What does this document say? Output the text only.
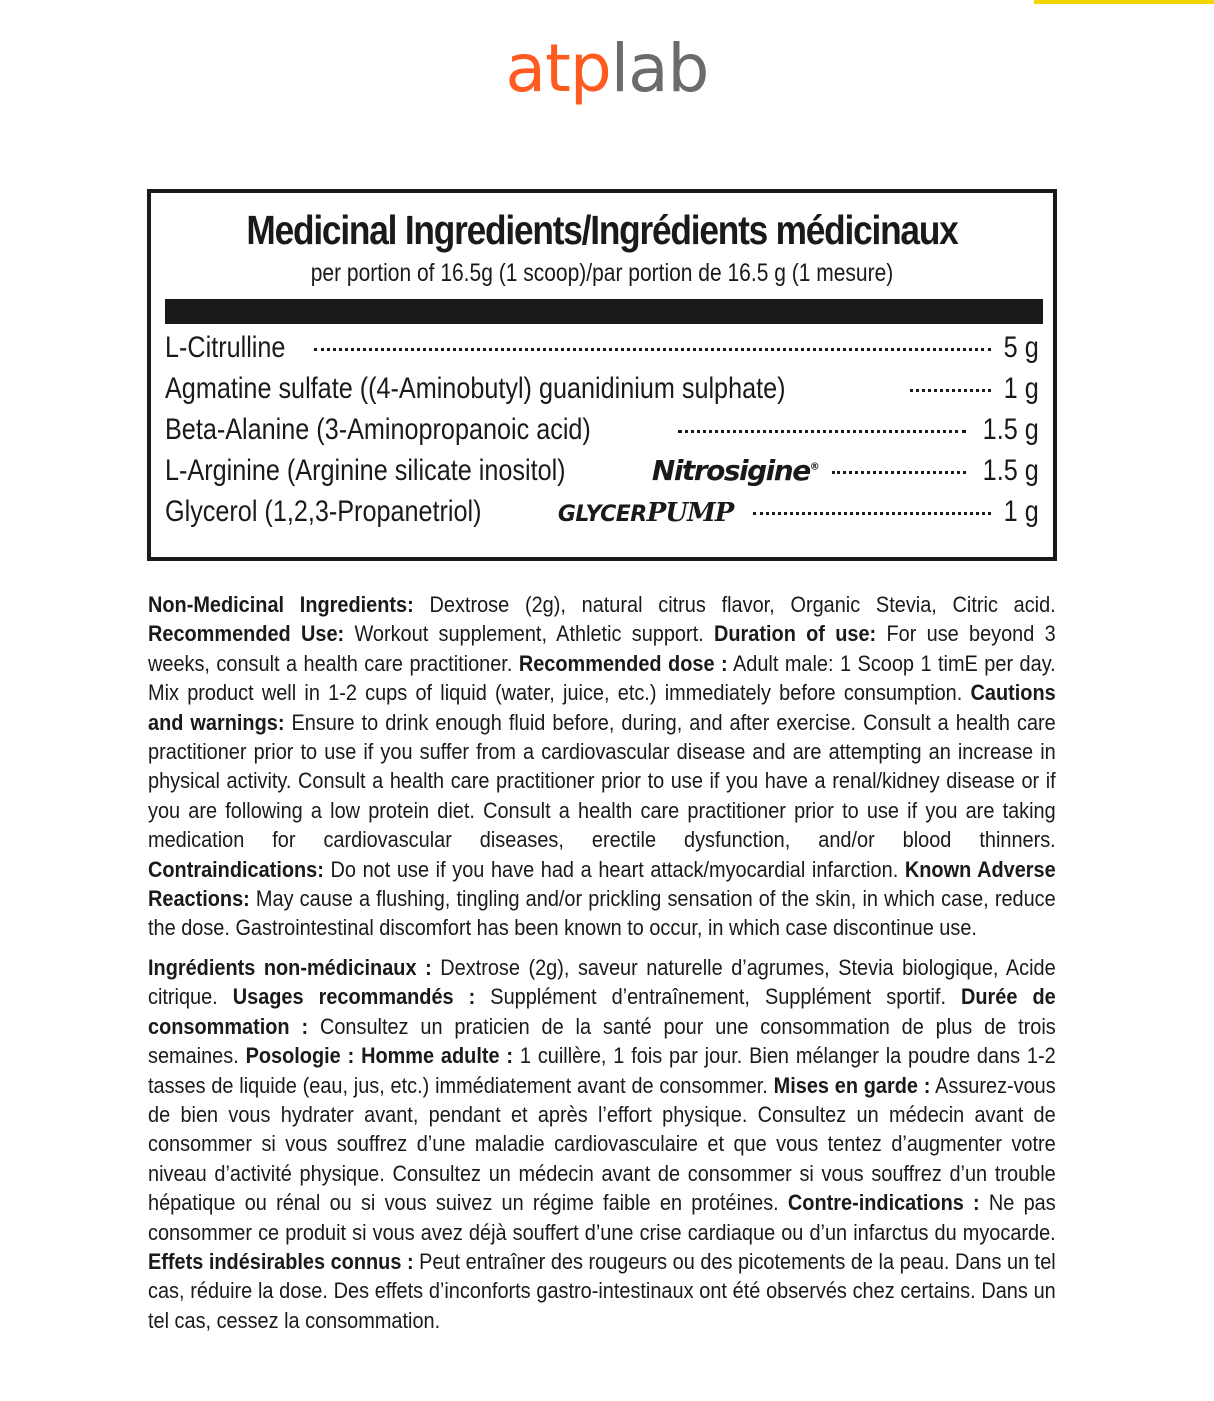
atplab
Medicinal Ingredients/Ingrédients médicinaux
per portion of 16.5g (1 scoop)/par portion de 16.5 g (1 mesure)
L-Citrulline	5 g
Agmatine sulfate ((4-Aminobutyl) guanidinium sulphate)	1 g
Beta-Alanine (3-Aminopropanoic acid)	1.5 g
L-Arginine (Arginine silicate inositol)	Nitrosigine®	1.5 g
Glycerol (1,2,3-Propanetriol)	GLYCERPUMP	1 g
Non-Medicinal Ingredients: Dextrose (2g), natural citrus flavor, Organic Stevia, Citric acid. Recommended Use: Workout supplement, Athletic support. Duration of use: For use beyond 3 weeks, consult a health care practitioner. Recommended dose : Adult male: 1 Scoop 1 timE per day. Mix product well in 1-2 cups of liquid (water, juice, etc.) immediately before consumption. Cautions and warnings: Ensure to drink enough fluid before, during, and after exercise. Consult a health care practitioner prior to use if you suffer from a cardiovascular disease and are attempting an increase in physical activity. Consult a health care practitioner prior to use if you have a renal/kidney disease or if you are following a low protein diet. Consult a health care practitioner prior to use if you are taking medication for cardiovascular diseases, erectile dysfunction, and/or blood thinners. Contraindications: Do not use if you have had a heart attack/myocardial infarction. Known Adverse Reactions: May cause a flushing, tingling and/or prickling sensation of the skin, in which case, reduce the dose. Gastrointestinal discomfort has been known to occur, in which case discontinue use.
Ingrédients non-médicinaux : Dextrose (2g), saveur naturelle d’agrumes, Stevia biologique, Acide citrique. Usages recommandés : Supplément d’entraînement, Supplément sportif. Durée de consommation : Consultez un praticien de la santé pour une consommation de plus de trois semaines. Posologie : Homme adulte : 1 cuillère, 1 fois par jour. Bien mélanger la poudre dans 1-2 tasses de liquide (eau, jus, etc.) immédiatement avant de consommer. Mises en garde : Assurez-vous de bien vous hydrater avant, pendant et après l’effort physique. Consultez un médecin avant de consommer si vous souffrez d’une maladie cardiovasculaire et que vous tentez d’augmenter votre niveau d’activité physique. Consultez un médecin avant de consommer si vous souffrez d’un trouble hépatique ou rénal ou si vous suivez un régime faible en protéines. Contre-indications : Ne pas consommer ce produit si vous avez déjà souffert d’une crise cardiaque ou d’un infarctus du myocarde. Effets indésirables connus : Peut entraîner des rougeurs ou des picotements de la peau. Dans un tel cas, réduire la dose. Des effets d’inconforts gastro-intestinaux ont été observés chez certains. Dans un tel cas, cessez la consommation.
